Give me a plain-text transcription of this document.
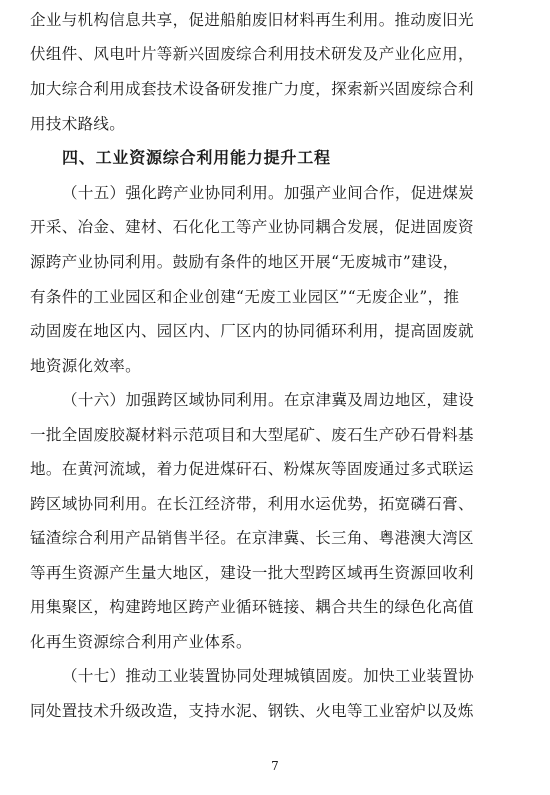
企业与机构信息共享，促进船舶废旧材料再生利用。推动废旧光
伏组件、风电叶片等新兴固废综合利用技术研发及产业化应用，
加大综合利用成套技术设备研发推广力度，探索新兴固废综合利
用技术路线。
四、工业资源综合利用能力提升工程
（十五）强化跨产业协同利用。加强产业间合作，促进煤炭
开采、冶金、建材、石化化工等产业协同耦合发展，促进固废资
源跨产业协同利用。鼓励有条件的地区开展“无废城市”建设，
有条件的工业园区和企业创建“无废工业园区”“无废企业”，推
动固废在地区内、园区内、厂区内的协同循环利用，提高固废就
地资源化效率。
（十六）加强跨区域协同利用。在京津冀及周边地区，建设
一批全固废胶凝材料示范项目和大型尾矿、废石生产砂石骨料基
地。在黄河流域，着力促进煤矸石、粉煤灰等固废通过多式联运
跨区域协同利用。在长江经济带，利用水运优势，拓宽磷石膏、
锰渣综合利用产品销售半径。在京津冀、长三角、粤港澳大湾区
等再生资源产生量大地区，建设一批大型跨区域再生资源回收利
用集聚区，构建跨地区跨产业循环链接、耦合共生的绿色化高值
化再生资源综合利用产业体系。
（十七）推动工业装置协同处理城镇固废。加快工业装置协
同处置技术升级改造，支持水泥、钢铁、火电等工业窑炉以及炼
7
